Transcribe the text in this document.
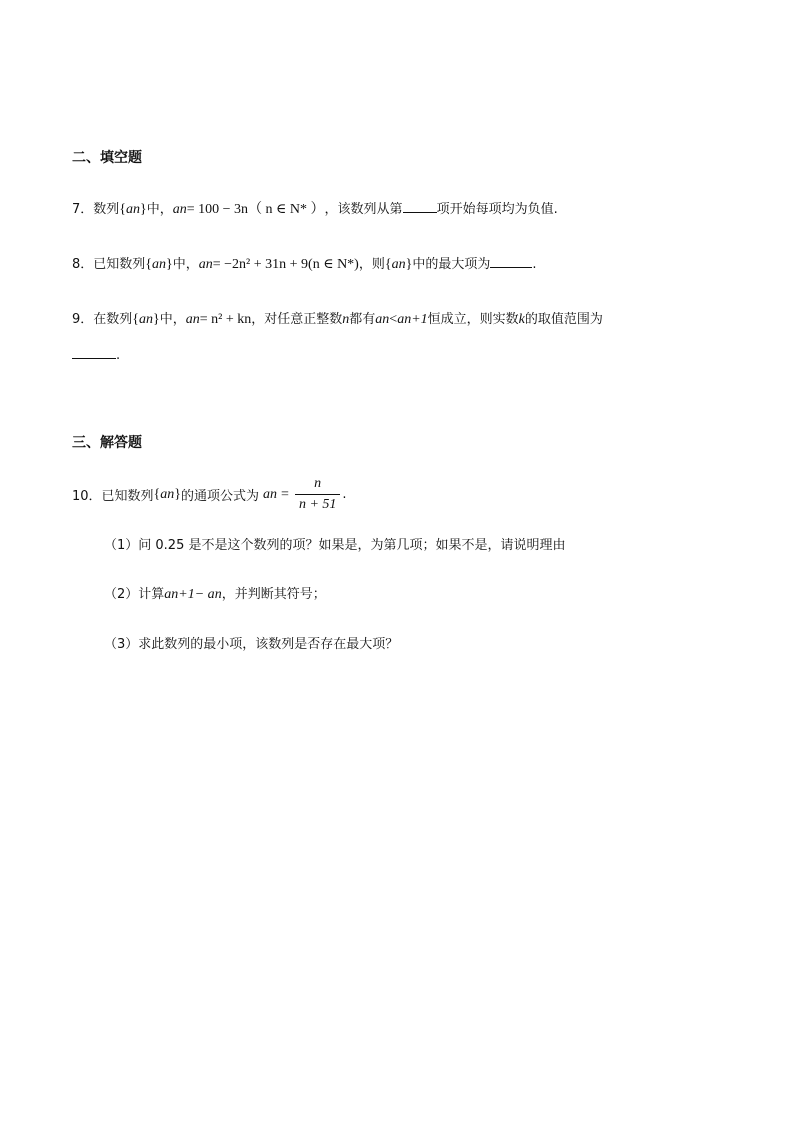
二、填空题
7．数列 { a n } 中， a n = 100 − 3n （ n ∈ N* ） ，该数列从第	项开始每项均为负值.
8．已知数列 { a n } 中， a n = −2n² + 31n + 9 (n ∈ N*) ，则 { a n } 中的最大项为	.
9．在数列 { a n } 中， a n = n² + kn ，对任意正整数 n 都有 a n < a n+1 恒成立，则实数 k 的取值范围为
.
三、解答题
10．已知数列 { a n } 的通项公式为 a $n = \frac{n}{n + 51}$ .
（1）问 0.25 是不是这个数列的项？如果是，为第几项；如果不是，请说明理由
（2）计算 a n+1 − a n ，并判断其符号；
（3）求此数列的最小项，该数列是否存在最大项？
